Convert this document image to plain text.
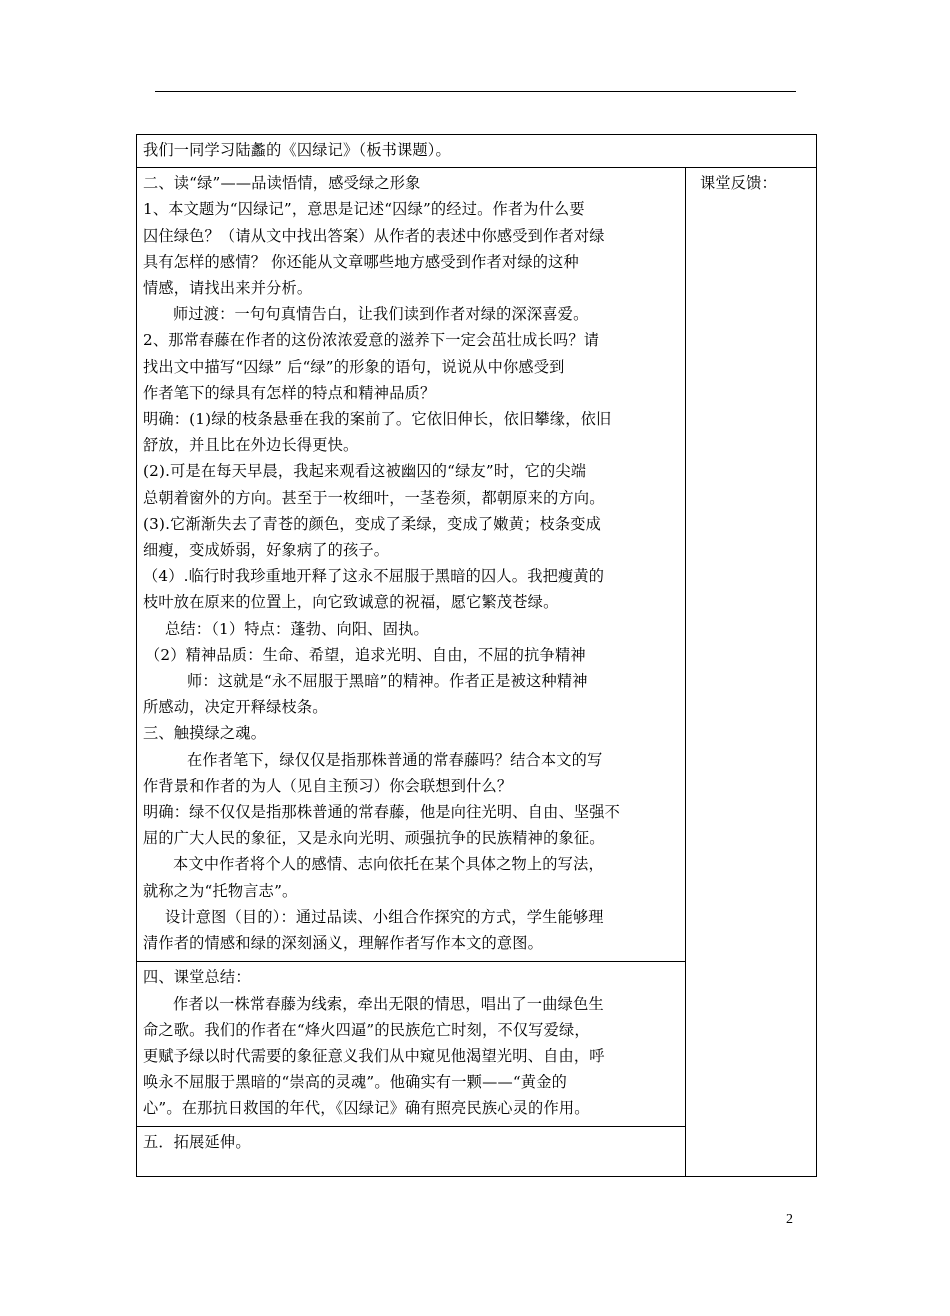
我们一同学习陆蠡的《囚绿记》（板书课题）。

二、读“绿”——品读悟情，感受绿之形象
1、本文题为“囚绿记”，意思是记述“囚绿”的经过。作者为什么要
囚住绿色？（请从文中找出答案）从作者的表述中你感受到作者对绿
具有怎样的感情？ 你还能从文章哪些地方感受到作者对绿的这种
情感，请找出来并分析。
师过渡：一句句真情告白，让我们读到作者对绿的深深喜爱。
2、那常春藤在作者的这份浓浓爱意的滋养下一定会茁壮成长吗？请
找出文中描写“囚绿” 后“绿”的形象的语句，说说从中你感受到
作者笔下的绿具有怎样的特点和精神品质？
明确：(1)绿的枝条悬垂在我的案前了。它依旧伸长，依旧攀缘，依旧
舒放，并且比在外边长得更快。
(2).可是在每天早晨，我起来观看这被幽囚的“绿友”时，它的尖端
总朝着窗外的方向。甚至于一枚细叶，一茎卷须，都朝原来的方向。
(3).它渐渐失去了青苍的颜色，变成了柔绿，变成了嫩黄；枝条变成
细瘦，变成娇弱，好象病了的孩子。
（4）.临行时我珍重地开释了这永不屈服于黑暗的囚人。我把瘦黄的
枝叶放在原来的位置上，向它致诚意的祝福，愿它繁茂苍绿。
总结：（1）特点：蓬勃、向阳、固执。
（2）精神品质：生命、希望，追求光明、自由，不屈的抗争精神
师：这就是“永不屈服于黑暗”的精神。作者正是被这种精神
所感动，决定开释绿枝条。
三、触摸绿之魂。
在作者笔下，绿仅仅是指那株普通的常春藤吗？结合本文的写
作背景和作者的为人（见自主预习）你会联想到什么？
明确：绿不仅仅是指那株普通的常春藤，他是向往光明、自由、坚强不
屈的广大人民的象征，又是永向光明、顽强抗争的民族精神的象征。
本文中作者将个人的感情、志向依托在某个具体之物上的写法，
就称之为“托物言志”。
设计意图（目的）：通过品读、小组合作探究的方式，学生能够理
清作者的情感和绿的深刻涵义，理解作者写作本文的意图。

课堂反馈：

四、课堂总结：
作者以一株常春藤为线索，牵出无限的情思，唱出了一曲绿色生
命之歌。我们的作者在“烽火四逼”的民族危亡时刻，不仅写爱绿，
更赋予绿以时代需要的象征意义我们从中窥见他渴望光明、自由，呼
唤永不屈服于黑暗的“崇高的灵魂”。他确实有一颗——“黄金的
心”。在那抗日救国的年代，《囚绿记》确有照亮民族心灵的作用。

五．拓展延伸。
2
